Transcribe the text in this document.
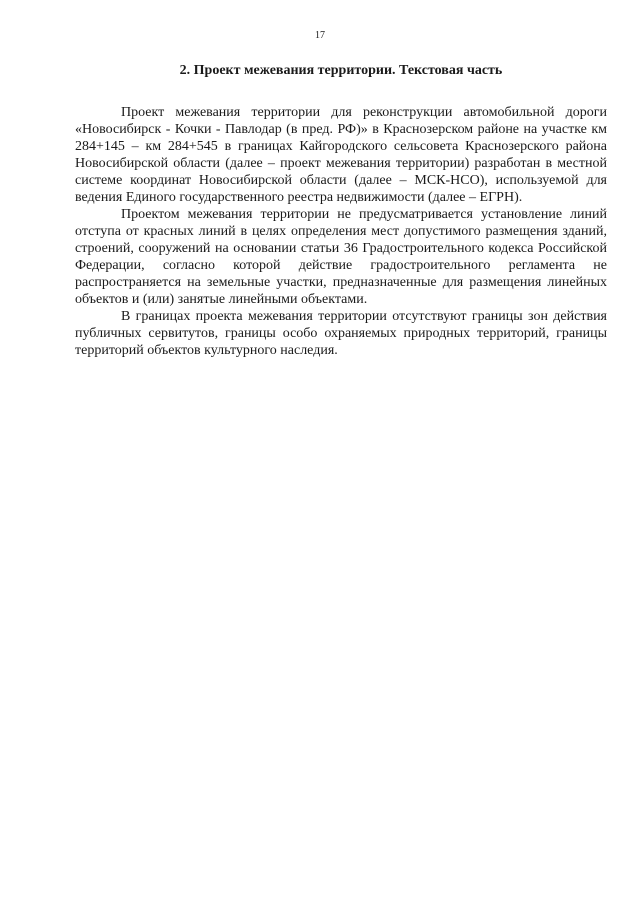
17
2. Проект межевания территории. Текстовая часть

Проект межевания территории для реконструкции автомобильной дороги «Новосибирск - Кочки - Павлодар (в пред. РФ)» в Краснозерском районе на участке км 284+145 – км 284+545 в границах Кайгородского сельсовета Краснозерского района Новосибирской области (далее – проект межевания территории) разработан в местной системе координат Новосибирской области (далее – МСК-НСО), используемой для ведения Единого государственного реестра недвижимости (далее – ЕГРН).

Проектом межевания территории не предусматривается установление линий отступа от красных линий в целях определения мест допустимого размещения зданий, строений, сооружений на основании статьи 36 Градостроительного кодекса Российской Федерации, согласно которой действие градостроительного регламента не распространяется на земельные участки, предназначенные для размещения линейных объектов и (или) занятые линейными объектами.

В границах проекта межевания территории отсутствуют границы зон действия публичных сервитутов, границы особо охраняемых природных территорий, границы территорий объектов культурного наследия.
